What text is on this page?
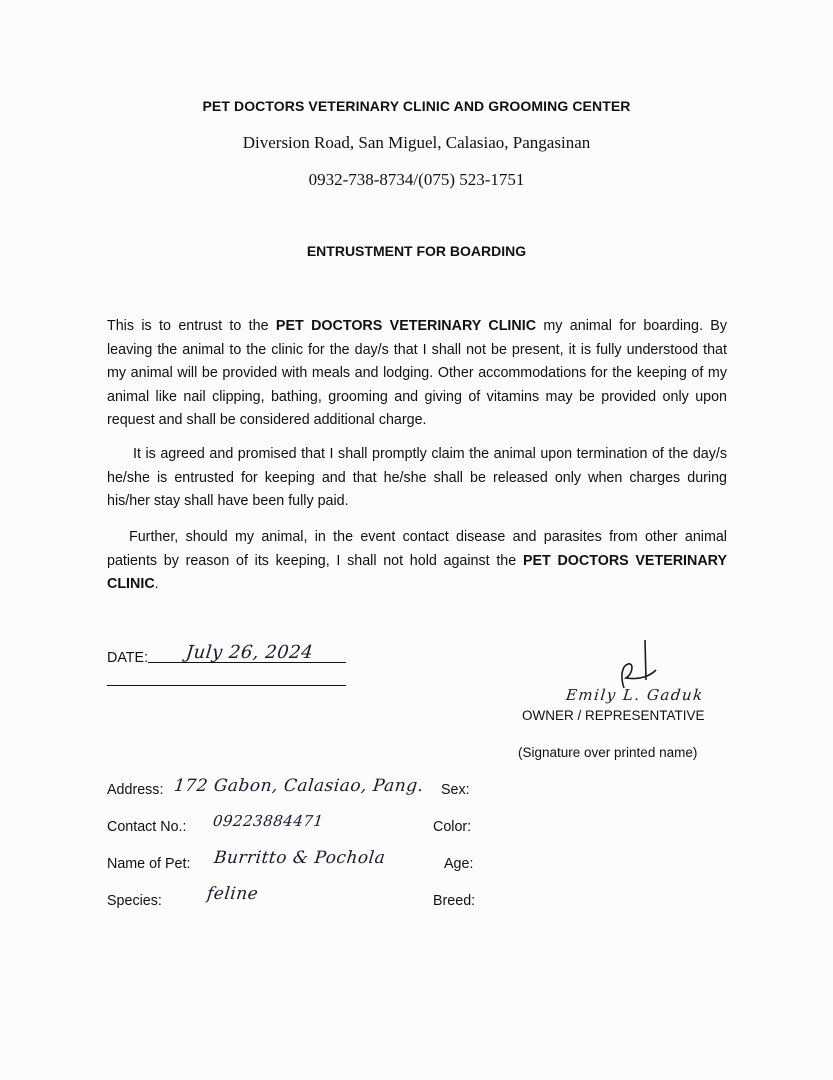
PET DOCTORS VETERINARY CLINIC AND GROOMING CENTER
Diversion Road, San Miguel, Calasiao, Pangasinan
0932-738-8734/(075) 523-1751
ENTRUSTMENT FOR BOARDING
This is to entrust to the PET DOCTORS VETERINARY CLINIC my animal for boarding. By leaving the animal to the clinic for the day/s that I shall not be present, it is fully understood that my animal will be provided with meals and lodging. Other accommodations for the keeping of my animal like nail clipping, bathing, grooming and giving of vitamins may be provided only upon request and shall be considered additional charge.
It is agreed and promised that I shall promptly claim the animal upon termination of the day/s he/she is entrusted for keeping and that he/she shall be released only when charges during his/her stay shall have been fully paid.
Further, should my animal, in the event contact disease and parasites from other animal patients by reason of its keeping, I shall not hold against the PET DOCTORS VETERINARY CLINIC.
DATE: July 26, 2024
Emily L. Gaduk
OWNER / REPRESENTATIVE
(Signature over printed name)
Address: 172 Gabon, Calasiao, Pang.
Contact No.: 09223884471
Name of Pet: Burritto & Pochola
Species:	feline
Sex:
Color:
Age:
Breed:
